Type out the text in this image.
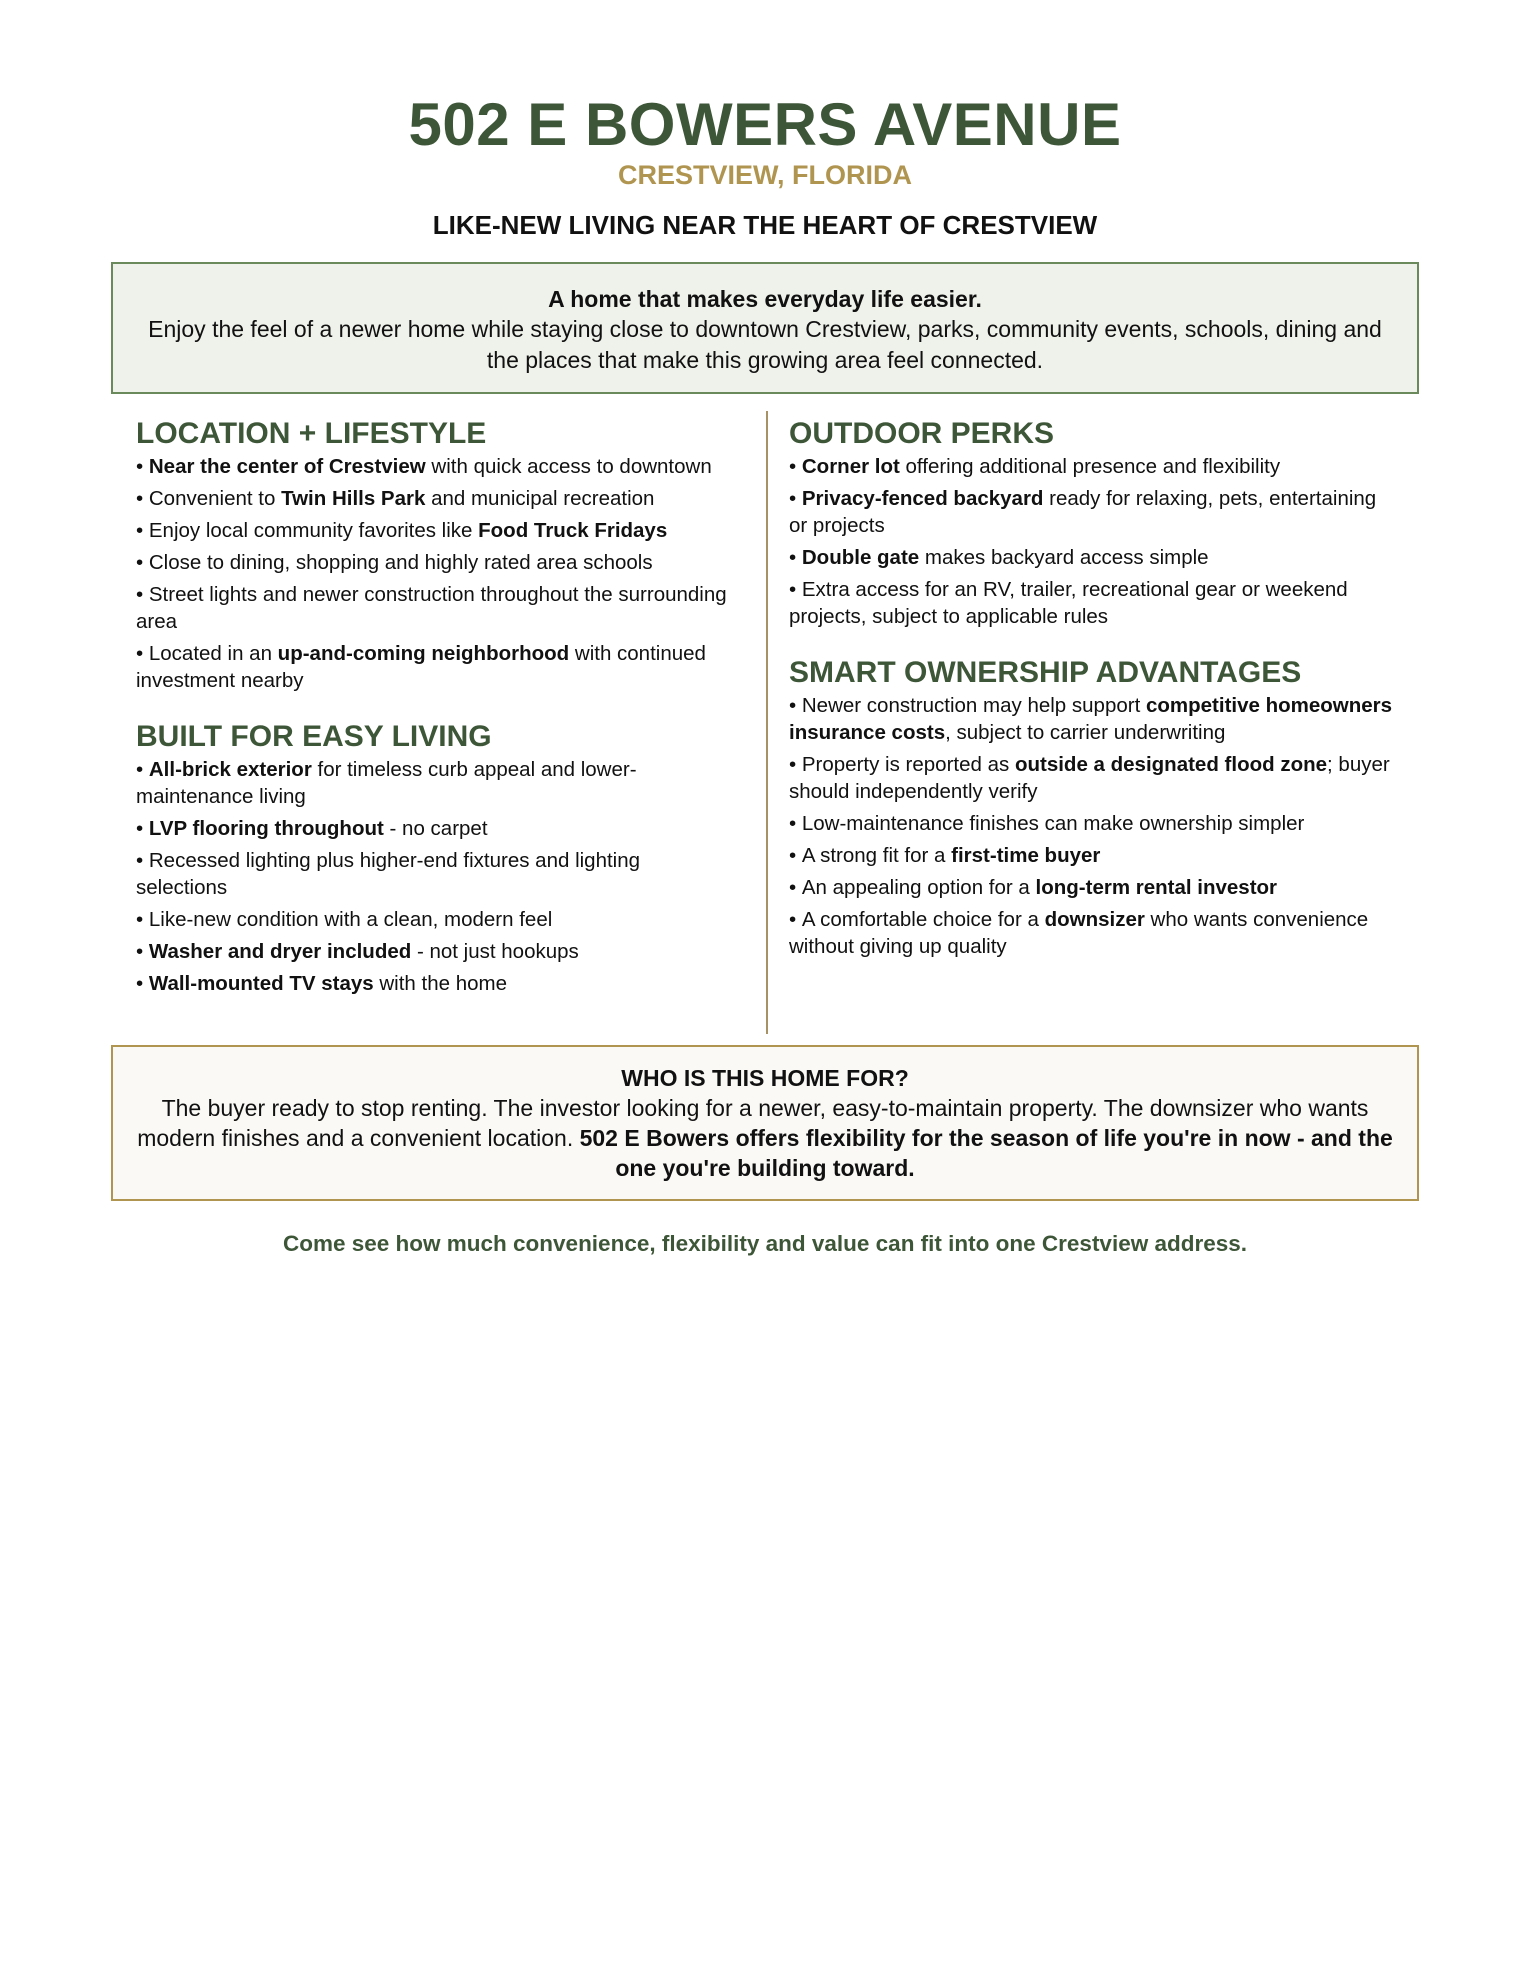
502 E BOWERS AVENUE
CRESTVIEW, FLORIDA
LIKE-NEW LIVING NEAR THE HEART OF CRESTVIEW
A home that makes everyday life easier.
Enjoy the feel of a newer home while staying close to downtown Crestview, parks, community events, schools, dining and the places that make this growing area feel connected.
LOCATION + LIFESTYLE
• Near the center of Crestview with quick access to downtown
• Convenient to Twin Hills Park and municipal recreation
• Enjoy local community favorites like Food Truck Fridays
• Close to dining, shopping and highly rated area schools
• Street lights and newer construction throughout the surrounding area
• Located in an up-and-coming neighborhood with continued investment nearby
BUILT FOR EASY LIVING
• All-brick exterior for timeless curb appeal and lower-maintenance living
• LVP flooring throughout - no carpet
• Recessed lighting plus higher-end fixtures and lighting selections
• Like-new condition with a clean, modern feel
• Washer and dryer included - not just hookups
• Wall-mounted TV stays with the home
OUTDOOR PERKS
• Corner lot offering additional presence and flexibility
• Privacy-fenced backyard ready for relaxing, pets, entertaining or projects
• Double gate makes backyard access simple
• Extra access for an RV, trailer, recreational gear or weekend projects, subject to applicable rules
SMART OWNERSHIP ADVANTAGES
• Newer construction may help support competitive homeowners insurance costs, subject to carrier underwriting
• Property is reported as outside a designated flood zone; buyer should independently verify
• Low-maintenance finishes can make ownership simpler
• A strong fit for a first-time buyer
• An appealing option for a long-term rental investor
• A comfortable choice for a downsizer who wants convenience without giving up quality
WHO IS THIS HOME FOR?
The buyer ready to stop renting. The investor looking for a newer, easy-to-maintain property. The downsizer who wants modern finishes and a convenient location. 502 E Bowers offers flexibility for the season of life you're in now - and the one you're building toward.
Come see how much convenience, flexibility and value can fit into one Crestview address.
